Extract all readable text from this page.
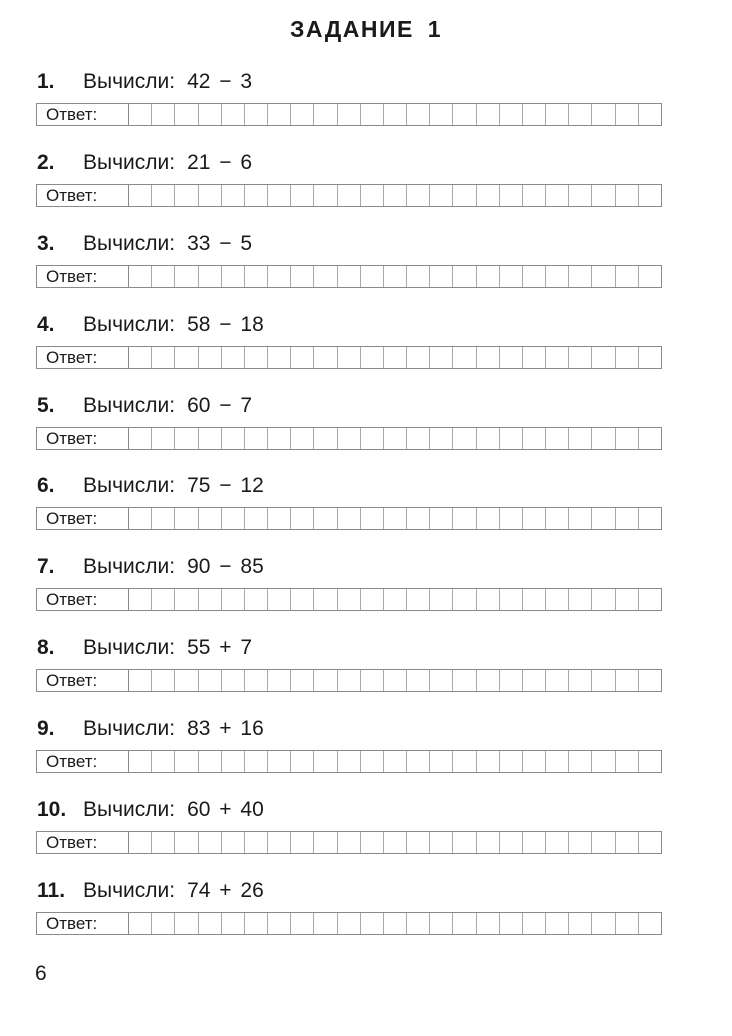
ЗАДАНИЕ 1
1. Вычисли: 42 − 3
Ответ:
2. Вычисли: 21 − 6
Ответ:
3. Вычисли: 33 − 5
Ответ:
4. Вычисли: 58 − 18
Ответ:
5. Вычисли: 60 − 7
Ответ:
6. Вычисли: 75 − 12
Ответ:
7. Вычисли: 90 − 85
Ответ:
8. Вычисли: 55 + 7
Ответ:
9. Вычисли: 83 + 16
Ответ:
10. Вычисли: 60 + 40
Ответ:
11. Вычисли: 74 + 26
Ответ:
6
